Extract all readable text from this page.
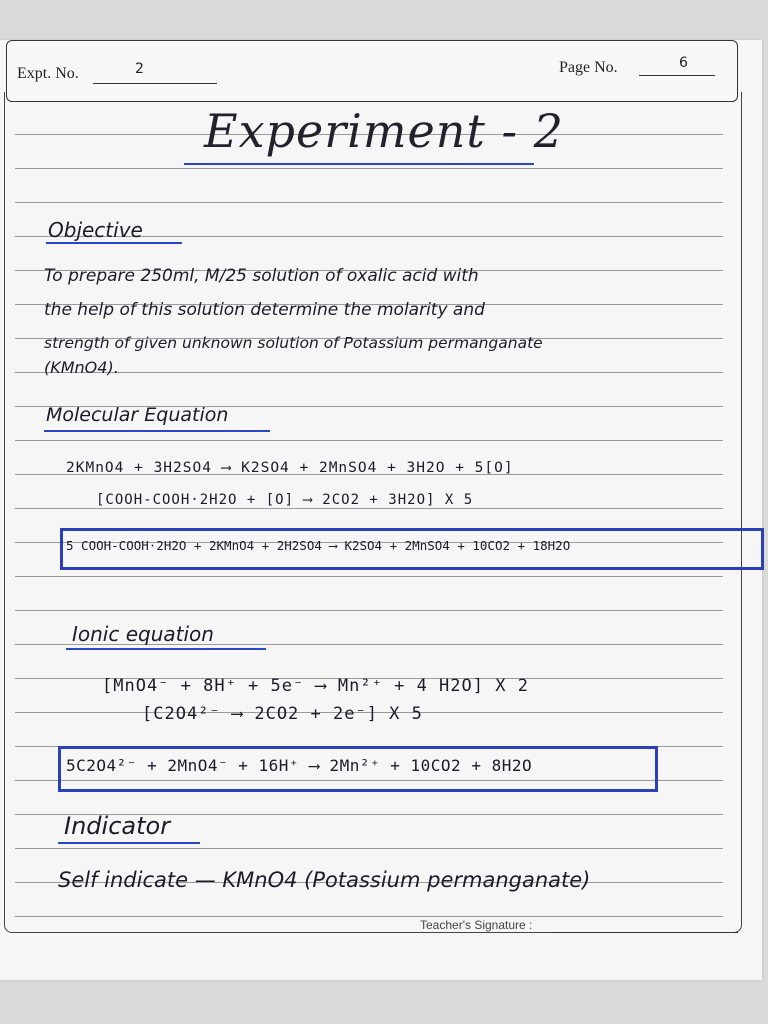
Expt. No.	2	Page No.	6
Experiment - 2
Objective
To prepare 250ml, M/25 solution of oxalic acid with
the help of this solution determine the molarity and
strength of given unknown solution of Potassium permanganate
(KMnO4).
Molecular Equation
2KMnO4 + 3H2SO4 ⟶ K2SO4 + 2MnSO4 + 3H2O + 5[O]
[COOH-COOH·2H2O + [O] ⟶ 2CO2 + 3H2O] X 5
5 COOH-COOH·2H2O + 2KMnO4 + 2H2SO4 ⟶ K2SO4 + 2MnSO4 + 10CO2 + 18H2O
Ionic equation
[MnO4⁻ + 8H⁺ + 5e⁻ ⟶ Mn²⁺ + 4 H2O] X 2
[C2O4²⁻ ⟶ 2CO2 + 2e⁻] X 5
5C2O4²⁻ + 2MnO4⁻ + 16H⁺ ⟶ 2Mn²⁺ + 10CO2 + 8H2O
Indicator
Self indicate — KMnO4 (Potassium permanganate)
Teacher's Signature :
